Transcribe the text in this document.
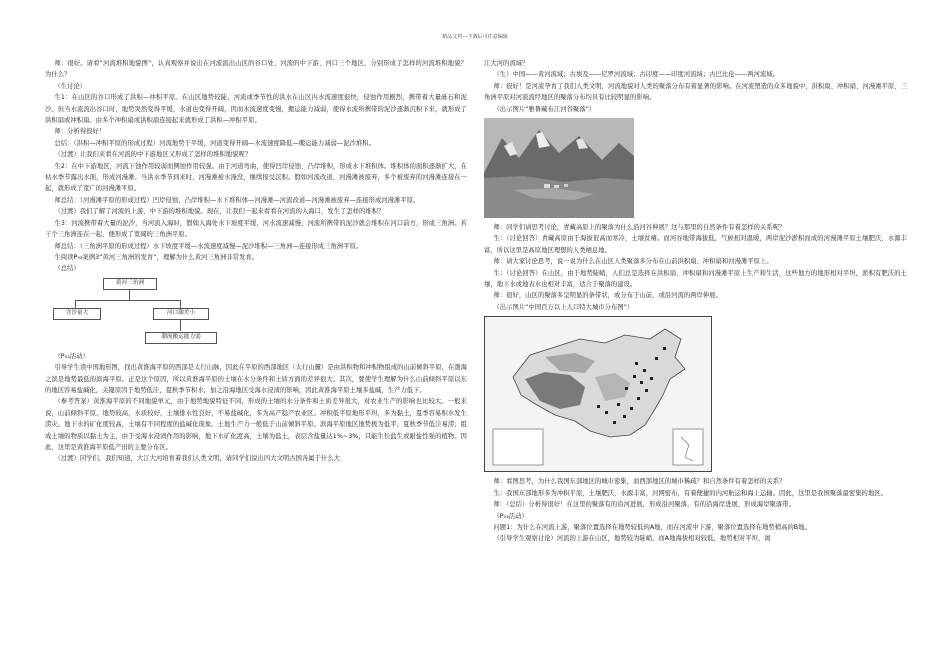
精品文档---下载后可任意编辑

师：很好。请看“河流堆积地貌图”，认真观察并说出在河流流出山区的谷口处、河流的中下游、河口三个地区，分别形成了怎样的河流堆积地貌？为什么？

（生讨论）

生1：在山区的谷口形成了洪积—冲积平原。在山区地势较陡，河流或季节性的洪水在山区内水流速度很快，侵蚀作用剧烈，携带着大量砾石和泥沙。但当水流流出谷口时，地势突然变得平缓，水道也变得开阔，因而水流速度变慢，搬运能力减弱，使得水流所携带的泥沙逐渐沉积下来，就形成了洪积扇或冲积扇。由多个冲积扇或洪积扇连接起来就形成了洪积—冲积平原。

师：分析得很好！

总结：（洪积—冲积平原的形成过程）河流地势于平缓，河道变得开阔—水流速度降低—搬运能力减弱—泥沙堆积。

（过渡）让我们来看在河流的中下游地区又形成了怎样的堆积地貌呢？

生2：在中下游地区，河流下蚀作用较弱而侧蚀作用较强。由于河道弯曲，使得凹岸侵蚀、凸岸堆积，形成水下堆积体。堆积体的面积逐渐扩大，在枯水季节露出水面，形成河漫滩。当洪水季节到来时，河漫滩被水淹没，继续接受沉积。假如河流改道，河漫滩被废弃，多个被废弃的河漫滩连接在一起，就形成了宽广的河漫滩平原。

师总结：（河漫滩平原的形成过程）凹岸侵蚀、凸岸堆积—水下堆积体—河漫滩—河流改道—河漫滩被废弃—连接形成河漫滩平原。

（过渡）我们了解了河流的上游、中下游的堆积地貌。现在，让我们一起来看看在河流的入海口，发生了怎样的堆积？

生3：河流携带着大量的泥沙，当河流入海时，假如入海处水下坡度平缓，河水流速减慢，河流所携带的泥沙就会堆积在河口前方，形成三角洲。若干个三角洲连在一起，便形成了宽阔的三角洲平原。

师总结：（三角洲平原的形成过程）水下坡度平缓—水流速度减慢—泥沙堆积—三角洲—连接形成三角洲平原。

生阅读P₅₃案例3“黄河三角洲的发育”，理解为什么黄河三角洲非常发育。

（总结）

黄河三角洲
含沙量大	河口潮差小
潮流搬运能力弱

（P₅₃活动）

引导学生读中国地形图，找出黄淮海平原的西部是太行山脉，因此在平原的西部地区（太行山麓）是由洪积物和冲积物组成的山前倾斜平原，在渤海之滨是地势最低的滨海平原。正是这个原因，所以黄淮海平原的土壤在水分条件和土质方面的差异很大。其次，要使学生理解为什么山前倾斜平原以东的地区容易盐碱化，关键原因于地势低洼，夏秋季节积水，加之沿海地区受海水浸渍的影响，因此黄淮海平原土壤多盐碱，生产力低下。

（参考答案）黄淮海平原的不同地貌单元，由于地势地貌特征不同，形成的土壤的水分条件和土质差异很大，对农业生产的影响也比较大。一般来说，山前倾斜平原，地势较高，水质较好，土壤排水性良好，不易盐碱化，多为高产稳产农业区。冲积低平原地形平坦，多为黏土，夏季容易积水发生涝灾。地下水的矿化度较高，土壤有不同程度的盐碱化现象。土地生产力一般低于山前倾斜平原。滨海平原地区地势极为低平，夏秋季节低洼易涝；组成土壤的物质以黏土为主，由于受海水浸渍作用的影响，地下水矿化度高，土壤为盐土，表层含盐量达1%~3%，只能生长盐生或耐盐性强的植物。因此，这里是黄淮海平原低产田的主要分布区。

（过渡）同学们，我们知道，大江大河培育着我们人类文明，请同学们说出四大文明古国各属于什么大

江大河的流域？

（生）中国——黄河流域；古埃及——尼罗河流域；古印度——印度河流域；古巴比伦——两河流域。

师：很好！是河流孕育了我们人类文明，河流地貌对人类的聚落分布有着显著的影响。在河流塑造的众多地貌中，洪积扇、冲积扇、河漫滩平原、三角洲平原对河流流经地区的聚落分布均具有比较明显的影响。

（出示图片“雅鲁藏布江河谷聚落”）

师：同学们请思考讨论，青藏高原上的聚落为什么沿河谷伸展？这与那里的自然条件有着怎样的关系呢？

生：（讨论回答）青藏高原由于海拔很高而寒冷，土壤贫瘠。而河谷地带海拔低，气候相对温暖，两岸泥沙淤积而成的河漫滩平原土壤肥沃、水源丰富，所以这里是高原地区理想的人类栖息地。

师：请大家讨论思考，说一说为什么在山区人类聚落多分布在山前洪积扇、冲积扇和河漫滩平原上。

生：（讨论回答）在山区，由于地势陡峭，人们总是选择在洪积扇、冲积扇和河漫滩平原上生产和生活，这些地方的地形相对平坦，淤积有肥沃的土壤，地下水或地表水也相对丰富，适合于聚落的建设。

师：很好，山区的聚落多呈明显的条带状，或分布于山前，或沿河流的两岸伸展。

（出示图片“中国百万以上人口特大城市分布图”）

师：看图思考，为什么我国东部地区的城市密集，而西部地区的城市稀疏？和自然条件有着怎样的关系？

生：我国东部地形多为冲积平原，土壤肥沃，水源丰富，河网密布，有着便捷的内河航运和海上运输。因此，这里是我国聚落最密集的地区。

师：（总结）分析得很好！在这里的聚落有的沿河进展，形成沿河聚落，有的沿海岸进展，形成海岸聚落带。

（P₅₃活动）

问题1：为什么在河流上游，聚落位置选择在地势较低的A地，而在河流中下游，聚落位置选择在地势稍高的B地。

（引导学生观察讨论）河流的上游在山区，地势较为陡峭，而A地海拔相对较低，地势相对平坦，离
